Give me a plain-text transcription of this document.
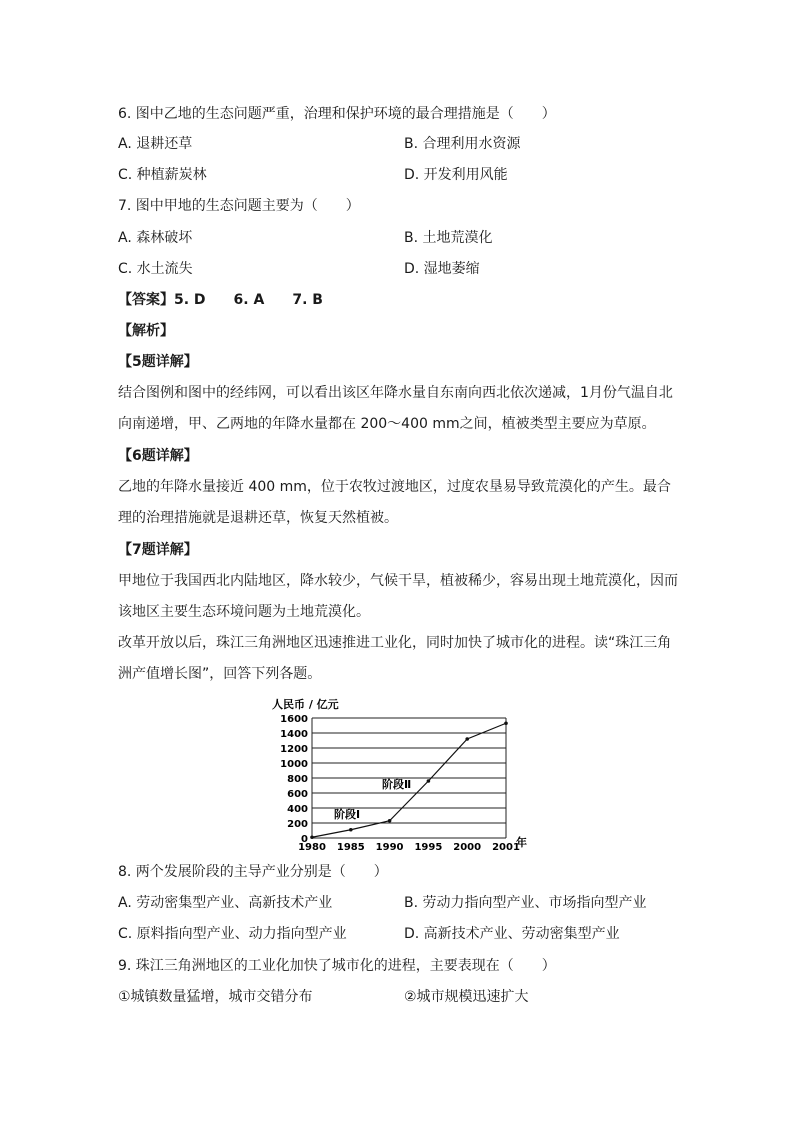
6. 图中乙地的生态问题严重，治理和保护环境的最合理措施是（　　）
A. 退耕还草	B. 合理利用水资源
C. 种植薪炭林	D. 开发利用风能
7. 图中甲地的生态问题主要为（　　）
A. 森林破坏	B. 土地荒漠化
C. 水土流失	D. 湿地萎缩
【答案】5. D　　6. A　　7. B
【解析】
【5题详解】
结合图例和图中的经纬网，可以看出该区年降水量自东南向西北依次递减，1月份气温自北向南递增，甲、乙两地的年降水量都在 200～400 mm之间，植被类型主要应为草原。
【6题详解】
乙地的年降水量接近 400 mm，位于农牧过渡地区，过度农垦易导致荒漠化的产生。最合理的治理措施就是退耕还草，恢复天然植被。
【7题详解】
甲地位于我国西北内陆地区，降水较少，气候干旱，植被稀少，容易出现土地荒漠化，因而该地区主要生态环境问题为土地荒漠化。
改革开放以后，珠江三角洲地区迅速推进工业化，同时加快了城市化的进程。读“珠江三角洲产值增长图”，回答下列各题。
0
200
400
600
800
1000
1200
1400
1600
1980 1985 1990 1995 2000 2001
人民币 / 亿元
年
阶段Ⅰ
阶段Ⅱ
8. 两个发展阶段的主导产业分别是（　　）
A. 劳动密集型产业、高新技术产业	B. 劳动力指向型产业、市场指向型产业
C. 原料指向型产业、动力指向型产业	D. 高新技术产业、劳动密集型产业
9. 珠江三角洲地区的工业化加快了城市化的进程，主要表现在（　　）
①城镇数量猛增，城市交错分布	②城市规模迅速扩大
